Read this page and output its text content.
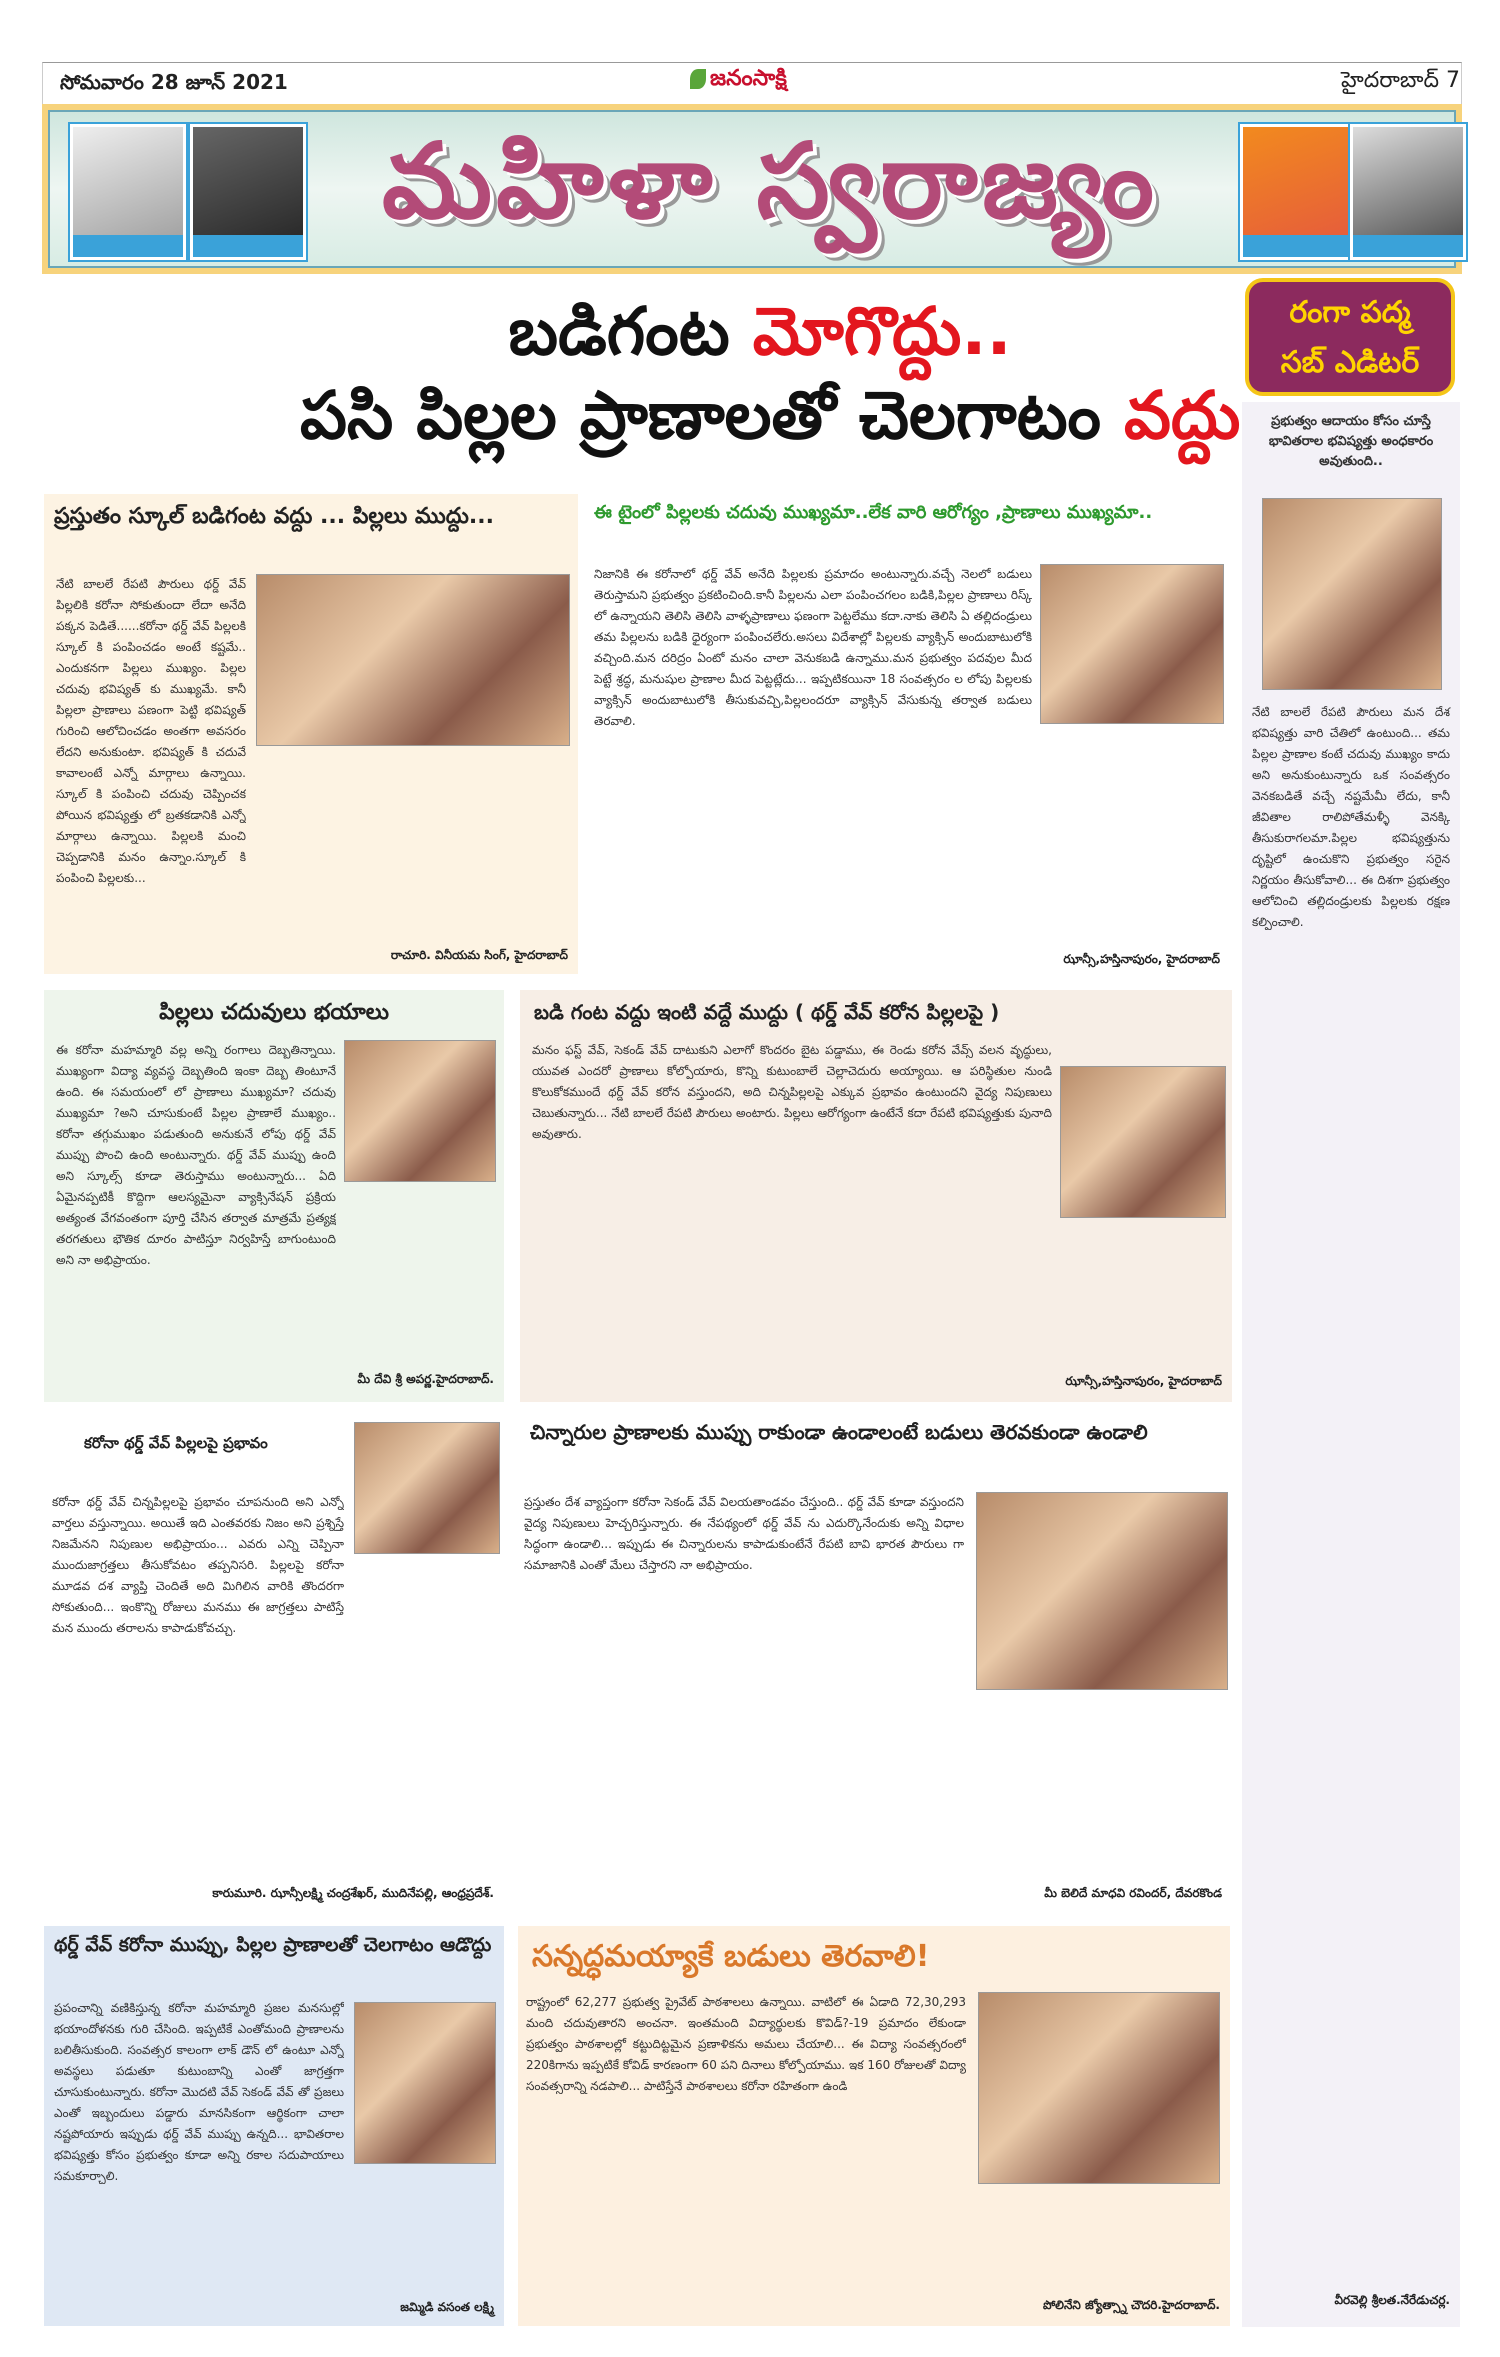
సోమవారం 28 జూన్ 2021	జనంసాక్షి	హైదరాబాద్ 7
మహిళా స్వరాజ్యం
బడిగంట మోగొద్దు..
పసి పిల్లల ప్రాణాలతో చెలగాటం వద్దు
రంగా పద్మ
సబ్ ఎడిటర్
ప్రభుత్వం ఆదాయం కోసం చూస్తే భావితరాల భవిష్యత్తు అంధకారం అవుతుంది..
నేటి బాలలే రేపటి పౌరులు మన దేశ భవిష్యత్తు వారి చేతిలో ఉంటుంది... తమ పిల్లల ప్రాణాల కంటే చదువు ముఖ్యం కాదు అని అనుకుంటున్నారు ఒక సంవత్సరం వెనకబడితే వచ్చే నష్టమేమీ లేదు, కానీ జీవితాల రాలిపోతేమళ్ళీ వెనక్కి తీసుకురాగలమా.పిల్లల భవిష్యత్తును దృష్టిలో ఉంచుకొని ప్రభుత్వం సరైన నిర్ణయం తీసుకోవాలి... ఈ దిశగా ప్రభుత్వం ఆలోచించి తల్లిదండ్రులకు పిల్లలకు రక్షణ కల్పించాలి.
వీరవెల్లి శ్రీలత.నేరేడుచర్ల.
ప్రస్తుతం స్కూల్ బడిగంట వద్దు ... పిల్లలు ముద్దు...
నేటి బాలలే రేపటి పౌరులు థర్డ్ వేవ్ పిల్లలికి కరోనా సోకుతుందా లేదా అనేది పక్కన పెడితే......కరోనా థర్డ్ వేవ్ పిల్లలకి స్కూల్ కి పంపించడం అంటే కష్టమే.. ఎందుకనగా పిల్లలు ముఖ్యం. పిల్లల చదువు భవిష్యత్ కు ముఖ్యమే. కానీ పిల్లలా ప్రాణాలు పణంగా పెట్టి భవిష్యత్ గురించి ఆలోచించడం అంతగా అవసరం లేదని అనుకుంటా. భవిష్యత్ కి చదువే కావాలంటే ఎన్నో మార్గాలు ఉన్నాయి. స్కూల్ కి పంపించి చదువు చెప్పించక పోయిన భవిష్యత్తు లో బ్రతకడానికి ఎన్నో మార్గాలు ఉన్నాయి. పిల్లలకి మంచి చెప్పడానికి మనం ఉన్నాం.స్కూల్ కి పంపించి పిల్లలకు...
రాచూరి. వినీయమ సింగ్, హైదరాబాద్
ఈ టైంలో పిల్లలకు చదువు ముఖ్యమా..లేక వారి ఆరోగ్యం ,ప్రాణాలు ముఖ్యమా..
నిజానికి ఈ కరోనాలో థర్డ్ వేవ్ అనేది పిల్లలకు ప్రమాదం అంటున్నారు.వచ్చే నెలలో బడులు తెరుస్తామని ప్రభుత్వం ప్రకటించింది.కానీ పిల్లలను ఎలా పంపించగలం బడికి,పిల్లల ప్రాణాలు రిస్క్ లో ఉన్నాయని తెలిసి తెలిసి వాళ్ళప్రాణాలు ఫణంగా పెట్టలేము కదా.నాకు తెలిసి ఏ తల్లిదండ్రులు తమ పిల్లలను బడికి ధైర్యంగా పంపించలేరు.అసలు విదేశాల్లో పిల్లలకు వ్యాక్సిన్ అందుబాటులోకి వచ్చింది.మన దరిద్రం ఏంటో మనం చాలా వెనుకబడి ఉన్నాము.మన ప్రభుత్వం పదవుల మీద పెట్టే శ్రద్ధ, మనుషుల ప్రాణాల మీద పెట్టట్లేదు... ఇప్పటికయినా 18 సంవత్సరం ల లోపు పిల్లలకు వ్యాక్సిన్ అందుబాటులోకి తీసుకువచ్చి,పిల్లలందరూ వ్యాక్సిన్ వేసుకున్న తర్వాత బడులు తెరవాలి.
ఝాన్సీ,హస్తినాపురం, హైదరాబాద్
పిల్లలు చదువులు భయాలు
ఈ కరోనా మహమ్మారి వల్ల అన్ని రంగాలు దెబ్బతిన్నాయి. ముఖ్యంగా విద్యా వ్యవస్థ దెబ్బతింది ఇంకా దెబ్బ తింటూనే ఉంది. ఈ సమయంలో లో ప్రాణాలు ముఖ్యమా? చదువు ముఖ్యమా ?అని చూసుకుంటే పిల్లల ప్రాణాలే ముఖ్యం.. కరోనా తగ్గుముఖం పడుతుంది అనుకునే లోపు థర్డ్ వేవ్ ముప్పు పొంచి ఉంది అంటున్నారు. థర్డ్ వేవ్ ముప్పు ఉంది అని స్కూల్స్ కూడా తెరుస్తాము అంటున్నారు... ఏది ఏమైనప్పటికీ కొద్దిగా ఆలస్యమైనా వ్యాక్సినేషన్ ప్రక్రియ అత్యంత వేగవంతంగా పూర్తి చేసిన తర్వాత మాత్రమే ప్రత్యక్ష తరగతులు భౌతిక దూరం పాటిస్తూ నిర్వహిస్తే బాగుంటుంది అని నా అభిప్రాయం.
మీ దేవి శ్రీ అపర్ణ.హైదరాబాద్.
బడి గంట వద్దు ఇంటి వద్దే ముద్దు ( థర్డ్ వేవ్ కరోన పిల్లలపై )
మనం ఫస్ట్ వేవ్, సెకండ్ వేవ్ దాటుకుని ఎలాగో కొందరం బైట పడ్డాము, ఈ రెండు కరోన వేవ్స్ వలన వృద్ధులు, యువత ఎందరో ప్రాణాలు కోల్పోయారు, కొన్ని కుటుంబాలే చెల్లాచెదురు అయ్యాయి. ఆ పరిస్థితుల నుండి కొలుకోకముందే థర్డ్ వేవ్ కరోన వస్తుందని, అది చిన్నపిల్లలపై ఎక్కువ ప్రభావం ఉంటుందని వైద్య నిపుణులు చెబుతున్నారు... నేటి బాలలే రేపటి పౌరులు అంటారు. పిల్లలు ఆరోగ్యంగా ఉంటేనే కదా రేపటి భవిష్యత్తుకు పునాది అవుతారు.
ఝాన్సీ,హస్తినాపురం, హైదరాబాద్
కరోనా థర్డ్ వేవ్ పిల్లలపై ప్రభావం
కరోనా థర్డ్ వేవ్ చిన్నపిల్లలపై ప్రభావం చూపనుంది అని ఎన్నో వార్తలు వస్తున్నాయి. అయితే ఇది ఎంతవరకు నిజం అని ప్రశ్నిస్తే నిజమేనని నిపుణుల అభిప్రాయం... ఎవరు ఎన్ని చెప్పినా ముందుజాగ్రత్తలు తీసుకోవటం తప్పనిసరి. పిల్లలపై కరోనా మూడవ దశ వ్యాప్తి చెందితే అది మిగిలిన వారికి తొందరగా సోకుతుంది... ఇంకొన్ని రోజులు మనము ఈ జాగ్రత్తలు పాటిస్తే మన ముందు తరాలను కాపాడుకోవచ్చు.
కారుమూరి. ఝాన్సీలక్ష్మి చంద్రశేఖర్, ముదినేపల్లి, ఆంధ్రప్రదేశ్.
చిన్నారుల ప్రాణాలకు ముప్పు రాకుండా ఉండాలంటే బడులు తెరవకుండా ఉండాలి
ప్రస్తుతం దేశ వ్యాప్తంగా కరోనా సెకండ్ వేవ్ విలయతాండవం చేస్తుంది.. థర్డ్ వేవ్ కూడా వస్తుందని వైద్య నిపుణులు హెచ్చరిస్తున్నారు. ఈ నేపథ్యంలో థర్డ్ వేవ్ ను ఎదుర్కొనేందుకు అన్ని విధాల సిద్ధంగా ఉండాలి... ఇప్పుడు ఈ చిన్నారులను కాపాడుకుంటేనే రేపటి బావి భారత పౌరులు గా సమాజానికి ఎంతో మేలు చేస్తారని నా అభిప్రాయం.
మీ బెలిదే మాధవి రవిందర్, దేవరకొండ
థర్డ్ వేవ్ కరోనా ముప్పు, పిల్లల ప్రాణాలతో చెలగాటం ఆడొద్దు
ప్రపంచాన్ని వణికిస్తున్న కరోనా మహమ్మారి ప్రజల మనసుల్లో భయాందోళనకు గురి చేసింది. ఇప్పటికే ఎంతోమంది ప్రాణాలను బలితీసుకుంది. సంవత్సర కాలంగా లాక్ డౌన్ లో ఉంటూ ఎన్నో అవస్థలు పడుతూ కుటుంబాన్ని ఎంతో జాగ్రత్తగా చూసుకుంటున్నారు. కరోనా మొదటి వేవ్ సెకండ్ వేవ్ తో ప్రజలు ఎంతో ఇబ్బందులు పడ్డారు మానసికంగా ఆర్థికంగా చాలా నష్టపోయారు ఇప్పుడు థర్డ్ వేవ్ ముప్పు ఉన్నది... భావితరాల భవిష్యత్తు కోసం ప్రభుత్వం కూడా అన్ని రకాల సదుపాయాలు సమకూర్చాలి.
జమ్మిడి వసంత లక్ష్మి
సన్నద్ధమయ్యాకే బడులు తెరవాలి!
రాష్ట్రంలో 62,277 ప్రభుత్వ ప్రైవేట్ పాఠశాలలు ఉన్నాయి. వాటిలో ఈ ఏడాది 72,30,293 మంది చదువుతారని అంచనా. ఇంతమంది విద్యార్థులకు కొవిడ్?-19 ప్రమాదం లేకుండా ప్రభుత్వం పాఠశాలల్లో కట్టుదిట్టమైన ప్రణాళికను అమలు చేయాలి... ఈ విద్యా సంవత్సరంలో 220కిగాను ఇప్పటికే కోవిడ్ కారణంగా 60 పని దినాలు కోల్పోయాము. ఇక 160 రోజులతో విద్యా సంవత్సరాన్ని నడపాలి... పాటిస్తేనే పాఠశాలలు కరోనా రహితంగా ఉండి
పోలినేని జ్యోత్స్నా చౌదరి.హైదరాబాద్.
